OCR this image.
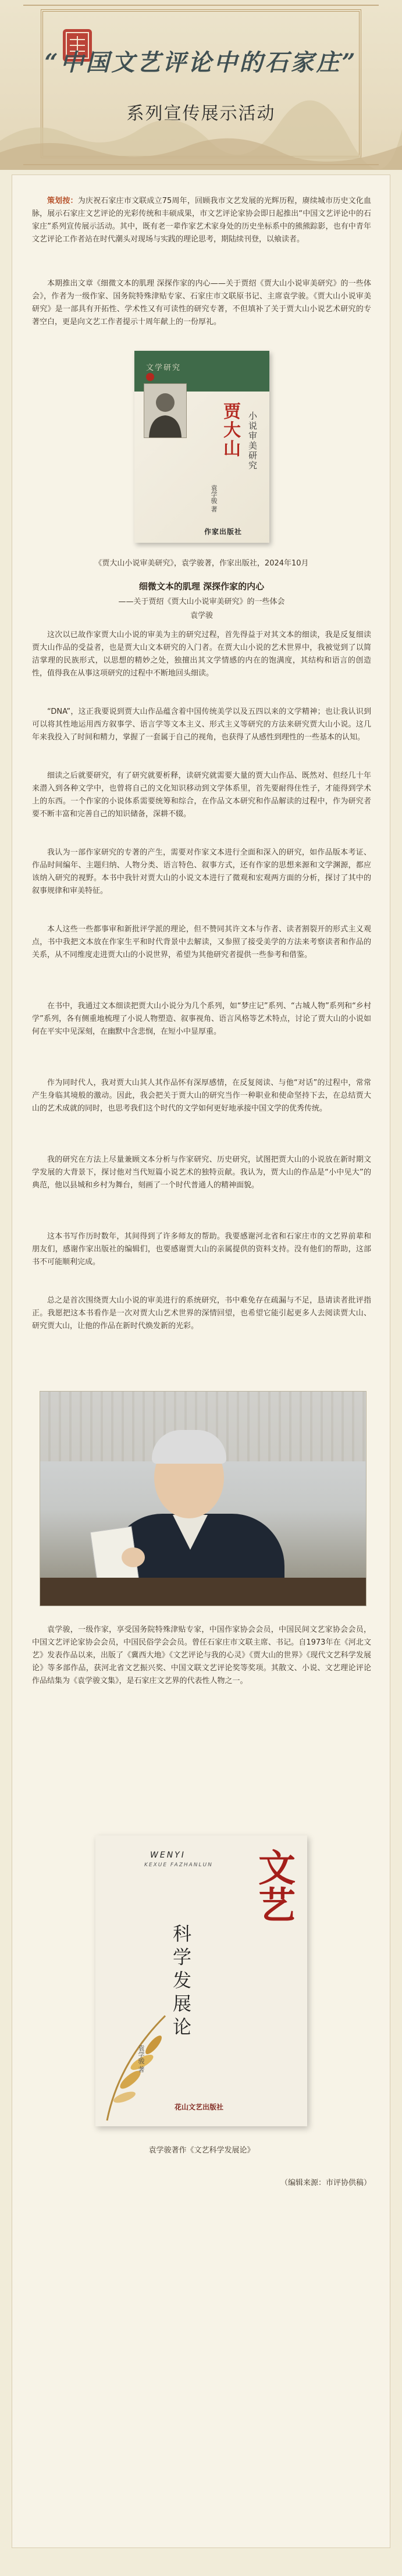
“中国文艺评论中的石家庄”
系列宣传展示活动

策划按：为庆祝石家庄市文联成立75周年，回顾我市文艺发展的光辉历程，赓续城市历史文化血脉，展示石家庄文艺评论的光彩传统和丰硕成果，市文艺评论家协会即日起推出“中国文艺评论中的石家庄”系列宣传展示活动。其中，既有老一辈作家艺术家身处的历史坐标系中的熊熊踪影，也有中青年文艺评论工作者站在时代潮头对现场与实践的理论思考，期陆续刊登，以飨读者。

本期推出文章《细微文本的肌理 深探作家的内心——关于贾绍《贾大山小说审美研究》的一些体会》，作者为一级作家、国务院特殊津贴专家、石家庄市文联原书记、主席袁学骏。《贾大山小说审美研究》是一部具有开拓性、学术性又有可读性的研究专著，不但填补了关于贾大山小说艺术研究的专著空白，更是向文艺工作者提示十周年献上的一份厚礼。

文学研究
贾大山 小说审美研究
袁学骏 著
作家出版社
《贾大山小说审美研究》，袁学骏著，作家出版社，2024年10月
细微文本的肌理 深探作家的内心
——关于贾绍《贾大山小说审美研究》的一些体会
袁学骏

这次以已故作家贾大山小说的审美为主的研究过程，首先得益于对其文本的细读，我是反复细读贾大山作品的受益者，也是贾大山文本研究的入门者。在贾大山小说的艺术世界中，我被觉到了以简洁掌理的民族形式，以思想的精妙之处，独擅出其文学情感的内在的饱满度，其结构和语言的创造性，值得我在从事这项研究的过程中不断地回头细读。

“DNA”，这正我要说到贾大山作品蕴含着中国传统美学以及五四以来的文学精神；也让我认识到可以将其性地运用西方叙事学、语言学等文本主义、形式主义等研究的方法来研究贾大山小说。这几年来我投入了时间和精力，掌握了一套属于自己的视角，也获得了从感性到理性的一些基本的认知。

细读之后就要研究，有了研究就要析释，读研究就需要大量的贾大山作品、既然对、但经几十年来潜入到各种文学中，也曾将自己的文化知识移动到文学体系里，首先要耐得住性子，才能得到学术上的东西。一个作家的小说体系需要统筹和综合，在作品文本研究和作品解读的过程中，作为研究者要不断丰富和完善自己的知识储备，深耕不辍。

我认为一部作家研究的专著的产生，需要对作家文本进行全面和深入的研究，如作品版本考证、作品时间编年、主题归纳、人物分类、语言特色、叙事方式，还有作家的思想来源和文学渊源，都应该纳入研究的视野。本书中我针对贾大山的小说文本进行了微观和宏观两方面的分析，探讨了其中的叙事规律和审美特征。

本人这些一些都事审和新批评学派的理论，但不赞同其许文本与作者、读者割裂开的形式主义观点，书中我把文本放在作家生平和时代背景中去解读，又参照了接受美学的方法来考察读者和作品的关系，从不同维度走进贾大山的小说世界，希望为其他研究者提供一些参考和借鉴。

在书中，我通过文本细读把贾大山小说分为几个系列，如“梦庄记”系列、“古城人物”系列和“乡村学”系列，各有侧重地梳理了小说人物塑造、叙事视角、语言风格等艺术特点，讨论了贾大山的小说如何在平实中见深刻，在幽默中含悲悯，在短小中显厚重。

作为同时代人，我对贾大山其人其作品怀有深厚感情，在反复阅读、与他“对话”的过程中，常常产生身临其境般的激动。因此，我会把关于贾大山的研究当作一种职业和使命坚持下去，在总结贾大山的艺术成就的同时，也思考我们这个时代的文学如何更好地承接中国文学的优秀传统。

我的研究在方法上尽量兼顾文本分析与作家研究、历史研究，试图把贾大山的小说放在新时期文学发展的大背景下，探讨他对当代短篇小说艺术的独特贡献。我认为，贾大山的作品是“小中见大”的典范，他以县城和乡村为舞台，刻画了一个时代普通人的精神面貌。

这本书写作历时数年，其间得到了许多师友的帮助。我要感谢河北省和石家庄市的文艺界前辈和朋友们，感谢作家出版社的编辑们，也要感谢贾大山的亲属提供的资料支持。没有他们的帮助，这部书不可能顺利完成。

总之是首次围绕贾大山小说的审美进行的系统研究，书中难免存在疏漏与不足，恳请读者批评指正。我愿把这本书看作是一次对贾大山艺术世界的深情回望，也希望它能引起更多人去阅读贾大山、研究贾大山，让他的作品在新时代焕发新的光彩。

袁学骏，一级作家，享受国务院特殊津贴专家，中国作家协会会员，中国民间文艺家协会会员，中国文艺评论家协会会员，中国民俗学会会员。曾任石家庄市文联主席、书记。自1973年在《河北文艺》发表作品以来，出版了《冀西大地》《文艺评论与我的心灵》《贾大山的世界》《现代文艺科学发展论》等多部作品，获河北省文艺振兴奖、中国文联文艺评论奖等奖项。其散文、小说、文艺理论评论作品结集为《袁学骏文集》，是石家庄文艺界的代表性人物之一。

WENYI
KEXUE FAZHANLUN	文艺
科学发展论
袁学骏 著
花山文艺出版社
袁学骏著作《文艺科学发展论》
（编辑来源：市评协供稿）
